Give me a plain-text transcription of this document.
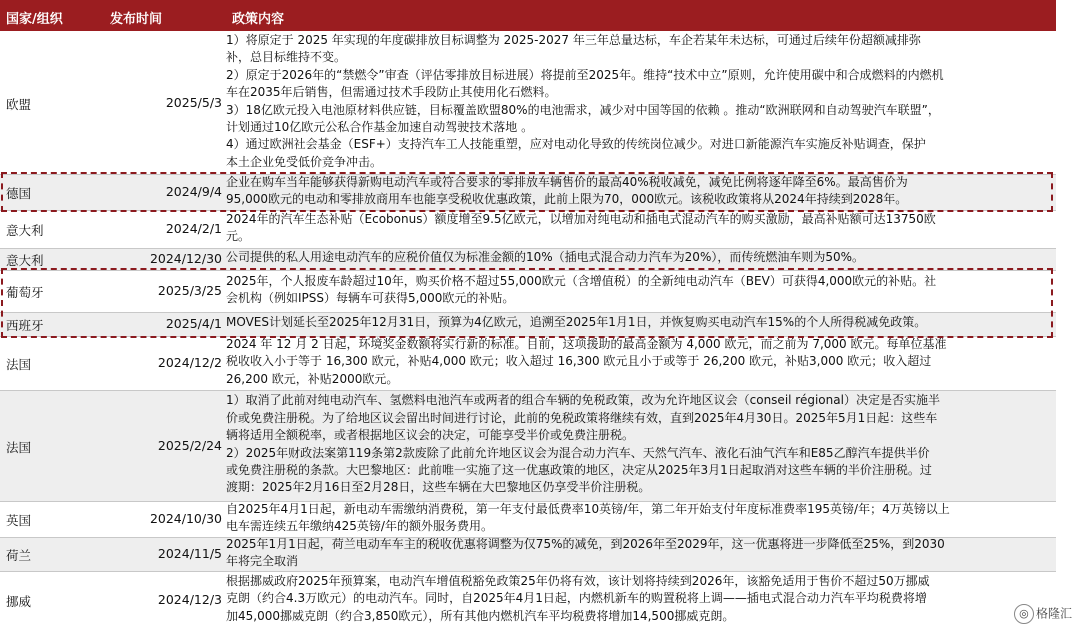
国家/组织	发布时间	政策内容
欧盟	2025/5/3
1）将原定于 2025 年实现的年度碳排放目标调整为 2025-2027 年三年总量达标，车企若某年未达标，可通过后续年份超额减排弥
补，总目标维持不变。
2）原定于2026年的“禁燃令”审查（评估零排放目标进展）将提前至2025年。维持“技术中立”原则，允许使用碳中和合成燃料的内燃机
车在2035年后销售，但需通过技术手段防止其使用化石燃料。
3）18亿欧元投入电池原材料供应链，目标覆盖欧盟80%的电池需求，减少对中国等国的依赖 。推动“欧洲联网和自动驾驶汽车联盟”，
计划通过10亿欧元公私合作基金加速自动驾驶技术落地 。
4）通过欧洲社会基金（ESF+）支持汽车工人技能重塑，应对电动化导致的传统岗位减少。对进口新能源汽车实施反补贴调查，保护
本土企业免受低价竞争冲击。
德国	2024/9/4
企业在购车当年能够获得新购电动汽车或符合要求的零排放车辆售价的最高40%税收减免，减免比例将逐年降至6%。最高售价为
95,000欧元的电动和零排放商用车也能享受税收优惠政策，此前上限为70，000欧元。该税收政策将从2024年持续到2028年。
意大利	2024/2/1
2024年的汽车生态补贴（Ecobonus）额度增至9.5亿欧元，以增加对纯电动和插电式混动汽车的购买激励，最高补贴额可达13750欧
元。
意大利	2024/12/30 公司提供的私人用途电动汽车的应税价值仅为标准金额的10%（插电式混合动力汽车为20%），而传统燃油车则为50%。
葡萄牙	2025/3/25
2025年，个人报废车龄超过10年，购买价格不超过55,000欧元（含增值税）的全新纯电动汽车（BEV）可获得4,000欧元的补贴。社
会机构（例如IPSS）每辆车可获得5,000欧元的补贴。
西班牙	2025/4/1 MOVES计划延长至2025年12月31日，预算为4亿欧元，追溯至2025年1月1日，并恢复购买电动汽车15%的个人所得税减免政策。
法国	2024/12/2
2024 年 12 月 2 日起，环境奖金数额将实行新的标准。目前，这项援助的最高金额为 4,000 欧元，而之前为 7,000 欧元。每单位基准
税收收入小于等于 16,300 欧元，补贴4,000 欧元；收入超过 16,300 欧元且小于或等于 26,200 欧元，补贴3,000 欧元；收入超过
26,200 欧元，补贴2000欧元。
法国	2025/2/24
1）取消了此前对纯电动汽车、氢燃料电池汽车或两者的组合车辆的免税政策，改为允许地区议会（conseil régional）决定是否实施半
价或免费注册税。为了给地区议会留出时间进行讨论，此前的免税政策将继续有效，直到2025年4月30日。2025年5月1日起：这些车
辆将适用全额税率，或者根据地区议会的决定，可能享受半价或免费注册税。
2）2025年财政法案第119条第2款废除了此前允许地区议会为混合动力汽车、天然气汽车、液化石油气汽车和E85乙醇汽车提供半价
或免费注册税的条款。大巴黎地区：此前唯一实施了这一优惠政策的地区，决定从2025年3月1日起取消对这些车辆的半价注册税。过
渡期：2025年2月16日至2月28日，这些车辆在大巴黎地区仍享受半价注册税。
英国	2024/10/30
自2025年4月1日起，新电动车需缴纳消费税，第一年支付最低费率10英镑/年，第二年开始支付年度标准费率195英镑/年；4万英镑以上
电车需连续五年缴纳425英镑/年的额外服务费用。
荷兰	2024/11/5
2025年1月1日起，荷兰电动车车主的税收优惠将调整为仅75%的减免，到2026年至2029年，这一优惠将进一步降低至25%，到2030
年将完全取消
挪威	2024/12/3
根据挪威政府2025年预算案，电动汽车增值税豁免政策25年仍将有效，该计划将持续到2026年，该豁免适用于售价不超过50万挪威
克朗（约合4.3万欧元）的电动汽车。同时，自2025年4月1日起，内燃机新车的购置税将上调——插电式混合动力汽车平均税费将增
加45,000挪威克朗（约合3,850欧元），所有其他内燃机汽车平均税费将增加14,500挪威克朗。	◎ 格隆汇
